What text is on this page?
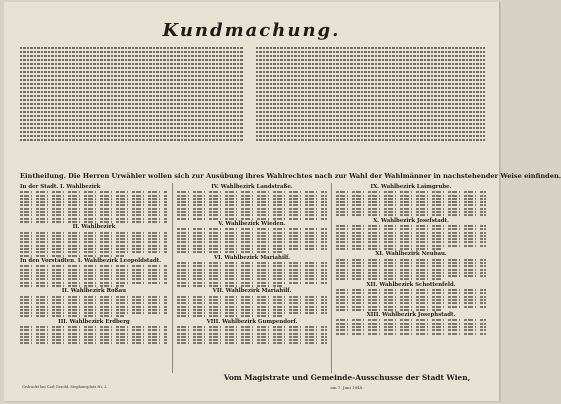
Kundmachung.
Eintheilung. Die Herren Urwähler wollen sich zur Ausübung ihres Wahlrechtes nach zur Wahl der Wahlmänner in nachstehender Weise einfinden.
In der Stadt. I. Wahlbezirk
II. Wahlbezirk
In den Vorstädten. I. Wahlbezirk Leopoldstadt.
II. Wahlbezirk Roßau
III. Wahlbezirk Erdberg
IV. Wahlbezirk Landstraße.
V. Wahlbezirk Wieden.
VI. Wahlbezirk Mariahilf.
VII. Wahlbezirk Mariahilf.
VIII. Wahlbezirk Gumpendorf.
IX. Wahlbezirk Laimgrube.
X. Wahlbezirk Josefstadt.
XI. Wahlbezirk Neubau.
XII. Wahlbezirk Schottenfeld.
XIII. Wahlbezirk Josephstadt.
Gedruckt bei Carl Gerold, Stephansplatz Nr. 2.
Vom Magistrate und Gemeinde-Ausschusse der Stadt Wien,
am 7. Juni 1848.
